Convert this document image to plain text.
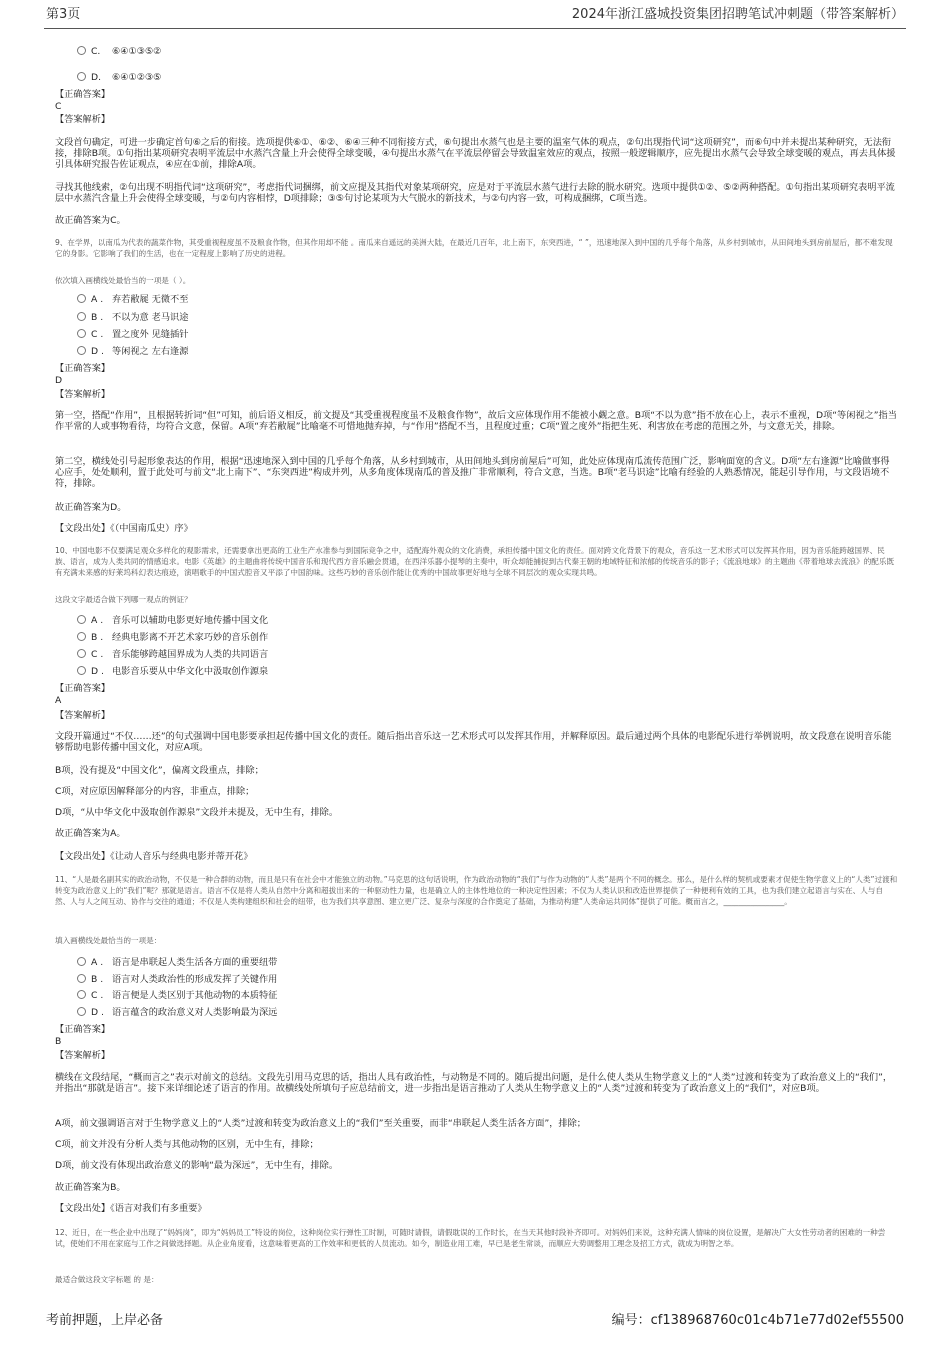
第3页	2024年浙江盛城投资集团招聘笔试冲刺题（带答案解析）
C. ⑥④①③⑤②
D. ⑥④①②③⑤
【正确答案】
C
【答案解析】
文段首句确定，可进一步确定首句⑥之后的衔接。选项提供⑥①、⑥②、⑥④三种不同衔接方式，⑥句提出水蒸气也是主要的温室气体的观点，②句出现指代词“这项研究”，而⑥句中并未提出某种研究，无法衔接，排除B项。①句指出某项研究表明平流层中水蒸汽含量上升会使得全球变暖，④句提出水蒸气在平流层停留会导致温室效应的观点，按照一般逻辑顺序，应先提出水蒸气会导致全球变暖的观点，再去具体援引具体研究报告佐证观点，④应在①前，排除A项。
寻找其他线索，②句出现不明指代词“这项研究”，考虑指代词捆绑，前文应提及其指代对象某项研究，应是对于平流层水蒸气进行去除的脱水研究。选项中提供①②、⑤②两种搭配。①句指出某项研究表明平流层中水蒸汽含量上升会使得全球变暖，与②句内容相悖，D项排除；③⑤句讨论某项为大气脱水的新技术，与②句内容一致，可构成捆绑，C项当选。
故正确答案为C。
9、在学界，以南瓜为代表的蔬菜作物，其受重视程度虽不及粮食作物，但其作用却不能 。南瓜来自遥远的美洲大陆，在最近几百年，北上南下，东突西进，“ ”，迅速地深入到中国的几乎每个角落，从乡村到城市，从田间地头到房前屋后，都不难发现它的身影。它影响了我们的生活，也在一定程度上影响了历史的进程。
依次填入画横线处最恰当的一项是（ ）。
A . 弃若敝屣 无微不至
B . 不以为意 老马识途
C . 置之度外 见缝插针
D . 等闲视之 左右逢源
【正确答案】
D
【答案解析】
第一空，搭配“作用”，且根据转折词“但”可知，前后语义相反，前文提及“其受重视程度虽不及粮食作物”，故后文应体现作用不能被小觑之意。B项“不以为意”指不放在心上，表示不重视，D项“等闲视之”指当作平常的人或事物看待，均符合文意，保留。A项“弃若敝屣”比喻毫不可惜地抛弃掉，与“作用”搭配不当，且程度过重；C项“置之度外”指把生死、利害放在考虑的范围之外，与文意无关，排除。
第二空，横线处引号起形象表达的作用，根据“迅速地深入到中国的几乎每个角落，从乡村到城市，从田间地头到房前屋后”可知，此处应体现南瓜流传范围广泛，影响面宽的含义。D项“左右逢源”比喻做事得心应手，处处顺利，置于此处可与前文“北上南下”、“东突西进”构成并列，从多角度体现南瓜的普及推广非常顺利，符合文意，当选。B项“老马识途”比喻有经验的人熟悉情况，能起引导作用，与文段语境不符，排除。
故正确答案为D。
【文段出处】《（中国南瓜史）序》
10、中国电影不仅要满足观众多样化的观影需求，还需要拿出更高的工业生产水准参与到国际竞争之中，适配海外观众的文化消费，承担传播中国文化的责任。面对跨文化背景下的观众，音乐这一艺术形式可以发挥其作用，因为音乐能跨越国界、民族、语言，成为人类共同的情感追求。电影《英雄》的主题曲将传统中国音乐和现代西方音乐融会贯通，在西洋乐器小提琴的主奏中，听众却能捕捉到古代秦王朝的地域特征和浓郁的传统音乐的影子；《流浪地球》的主题曲《带着地球去流浪》的配乐既有充满未来感的好莱坞科幻表达痕迹，演唱歌手的中国式腔音又平添了中国韵味。这些巧妙的音乐创作能让优秀的中国故事更好地与全球不同层次的观众实现共鸣。
这段文字最适合做下列哪一观点的例证？
A . 音乐可以辅助电影更好地传播中国文化
B . 经典电影离不开艺术家巧妙的音乐创作
C . 音乐能够跨越国界成为人类的共同语言
D . 电影音乐要从中华文化中汲取创作源泉
【正确答案】
A
【答案解析】
文段开篇通过“不仅……还”的句式强调中国电影要承担起传播中国文化的责任。随后指出音乐这一艺术形式可以发挥其作用，并解释原因。最后通过两个具体的电影配乐进行举例说明，故文段意在说明音乐能够帮助电影传播中国文化，对应A项。
B项，没有提及“中国文化”，偏离文段重点，排除；
C项，对应原因解释部分的内容，非重点，排除；
D项，“从中华文化中汲取创作源泉”文段并未提及，无中生有，排除。
故正确答案为A。
【文段出处】《让动人音乐与经典电影并蒂开花》
11、“人是最名副其实的政治动物，不仅是一种合群的动物，而且是只有在社会中才能独立的动物。”马克思的这句话说明，作为政治动物的“我们”与作为动物的“人类”是两个不同的概念。那么，是什么样的契机或要素才促使生物学意义上的“人类”过渡和转变为政治意义上的“我们”呢？那就是语言。语言不仅是将人类从自然中分离和超拔出来的一种驱动性力量，也是确立人的主体性地位的一种决定性因素；不仅为人类认识和改造世界提供了一种便利有效的工具，也为我们建立起语言与实在、人与自然、人与人之间互动、协作与交往的通道；不仅是人类构建组织和社会的纽带，也为我们共享意图、建立更广泛、复杂与深度的合作奠定了基础，为推动构建“人类命运共同体”提供了可能。概而言之，________________。
填入画横线处最恰当的一项是：
A . 语言是串联起人类生活各方面的重要纽带
B . 语言对人类政治性的形成发挥了关键作用
C . 语言便是人类区别于其他动物的本质特征
D . 语言蕴含的政治意义对人类影响最为深远
【正确答案】
B
【答案解析】
横线在文段结尾，“概而言之”表示对前文的总结。文段先引用马克思的话，指出人具有政治性，与动物是不同的。随后提出问题，是什么使人类从生物学意义上的“人类”过渡和转变为了政治意义上的“我们”，并指出“那就是语言”。接下来详细论述了语言的作用。故横线处所填句子应总结前文，进一步指出是语言推动了人类从生物学意义上的“人类”过渡和转变为了政治意义上的“我们”，对应B项。
A项，前文强调语言对于生物学意义上的“人类”过渡和转变为政治意义上的“我们”至关重要，而非“串联起人类生活各方面”，排除；
C项，前文并没有分析人类与其他动物的区别，无中生有，排除；
D项，前文没有体现出政治意义的影响“最为深远”，无中生有，排除。
故正确答案为B。
【文段出处】《语言对我们有多重要》
12、近日，在一些企业中出现了“妈妈岗”，即为“妈妈员工”特设的岗位，这种岗位实行弹性工时制，可随时请假，请假耽误的工作时长，在当天其他时段补齐即可。对妈妈们来说，这种充满人情味的岗位设置，是解决广大女性劳动者的困难的一种尝试，使她们不用在家庭与工作之间做选择题。从企业角度看，这意味着更高的工作效率和更低的人员流动。如今，制造业用工难，早已是老生常谈，而顺应大势调整用工理念及招工方式，就成为明智之举。
最适合做这段文字标题 的 是：
考前押题，上岸必备	编号：cf138968760c01c4b71e77d02ef55500
